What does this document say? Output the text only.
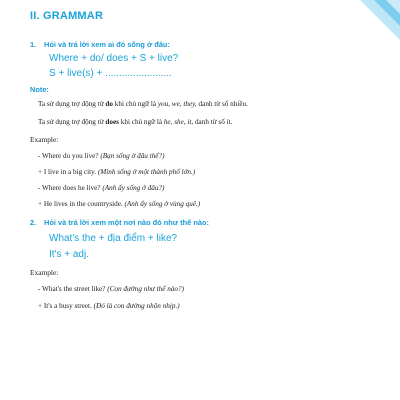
II. GRAMMAR
1. Hỏi và trả lời xem ai đó sống ở đâu:
Where + do/ does + S + live?
S + live(s) + ........................
Note:
Ta sử dụng trợ động từ do khi chủ ngữ là you, we, they, danh từ số nhiều.
Ta sử dụng trợ động từ does khi chủ ngữ là he, she, it, danh từ số ít.
Example:
- Where do you live? (Bạn sống ở đâu thế?)
+ I live in a big city. (Mình sống ở một thành phố lớn.)
- Where does he live? (Anh ấy sống ở đâu?)
+ He lives in the countryside. (Anh ấy sống ở vùng quê.)
2. Hỏi và trả lời xem một nơi nào đó như thế nào:
What's the + địa điểm + like?
It's + adj.
Example:
- What's the street like? (Con đường như thế nào?)
+ It's a busy street. (Đó là con đường nhộn nhịp.)
